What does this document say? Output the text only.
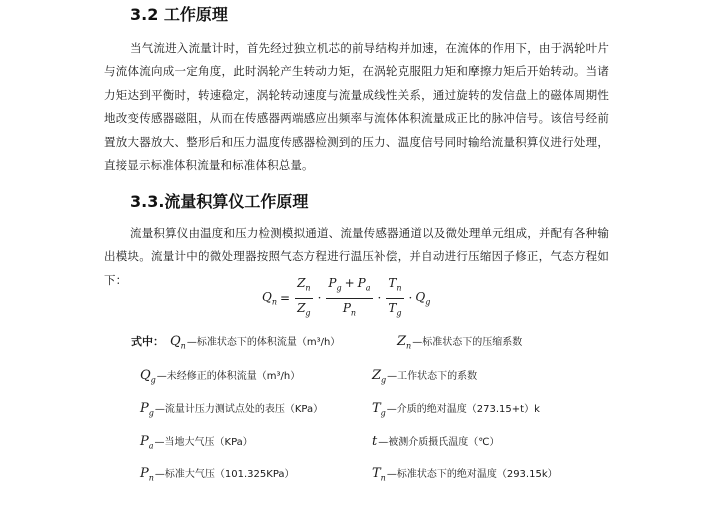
3.2 工作原理
当气流进入流量计时，首先经过独立机芯的前导结构并加速，在流体的作用下，由于涡轮叶片与流体流向成一定角度，此时涡轮产生转动力矩，在涡轮克服阻力矩和摩擦力矩后开始转动。当诸力矩达到平衡时，转速稳定，涡轮转动速度与流量成线性关系，通过旋转的发信盘上的磁体周期性地改变传感器磁阻，从而在传感器两端感应出频率与流体体积流量成正比的脉冲信号。该信号经前置放大器放大、整形后和压力温度传感器检测到的压力、温度信号同时输给流量积算仪进行处理，直接显示标准体积流量和标准体积总量。
3.3.流量积算仪工作原理
流量积算仪由温度和压力检测模拟通道、流量传感器通道以及微处理单元组成，并配有各种输出模块。流量计中的微处理器按照气态方程进行温压补偿，并自动进行压缩因子修正，气态方程如下：
$Q_n = \frac{Z_n}{Z_g} \cdot \frac{P_g + P_a}{P_n} \cdot \frac{T_n}{T_g} \cdot Q_g$
式中： $Q_n$ —标准状态下的体积流量（m³/h）	$Z_n$ —标准状态下的压缩系数
$Q_g$ —未经修正的体积流量（m³/h）	$Z_g$ —工作状态下的系数
$P_g$ —流量计压力测试点处的表压（KPa）	$T_g$ —介质的绝对温度（273.15+t）k
$P_a$ —当地大气压（KPa）	t —被测介质摄氏温度（℃）
$P_n$ —标准大气压（101.325KPa）	$T_n$ —标准状态下的绝对温度（293.15k）
